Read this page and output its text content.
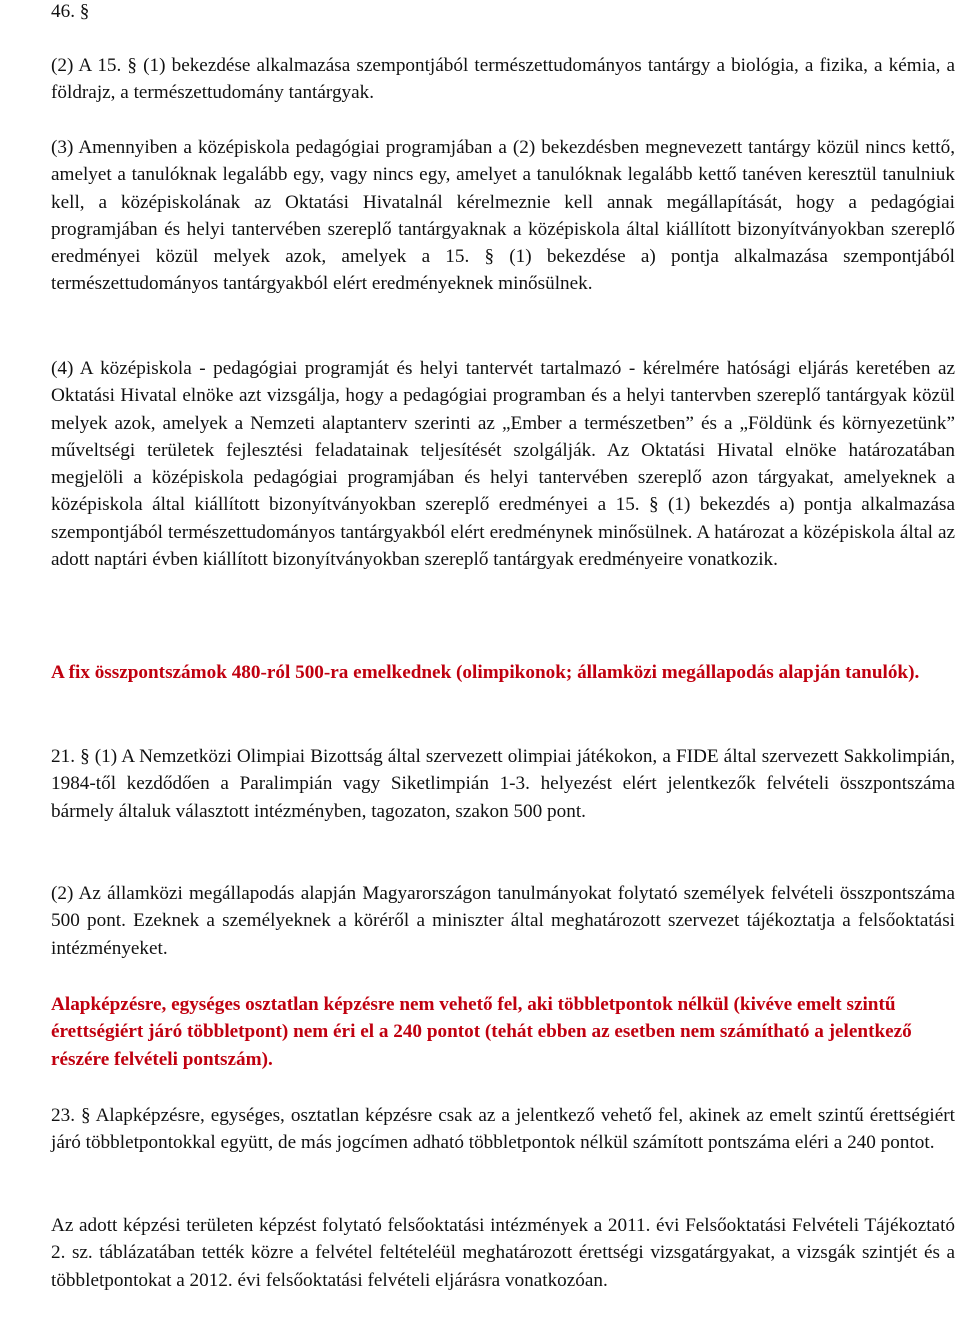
46. §

(2) A 15. § (1) bekezdése alkalmazása szempontjából természettudományos tantárgy a biológia, a fizika, a kémia, a földrajz, a természettudomány tantárgyak.

(3) Amennyiben a középiskola pedagógiai programjában a (2) bekezdésben megnevezett tantárgy közül nincs kettő, amelyet a tanulóknak legalább egy, vagy nincs egy, amelyet a tanulóknak legalább kettő tanéven keresztül tanulniuk kell, a középiskolának az Oktatási Hivatalnál kérelmeznie kell annak megállapítását, hogy a pedagógiai programjában és helyi tantervében szereplő tantárgyaknak a középiskola által kiállított bizonyítványokban szereplő eredményei közül melyek azok, amelyek a 15. § (1) bekezdése a) pontja alkalmazása szempontjából természettudományos tantárgyakból elért eredményeknek minősülnek.

(4) A középiskola - pedagógiai programját és helyi tantervét tartalmazó - kérelmére hatósági eljárás keretében az Oktatási Hivatal elnöke azt vizsgálja, hogy a pedagógiai programban és a helyi tantervben szereplő tantárgyak közül melyek azok, amelyek a Nemzeti alaptanterv szerinti az „Ember a természetben” és a „Földünk és környezetünk” műveltségi területek fejlesztési feladatainak teljesítését szolgálják. Az Oktatási Hivatal elnöke határozatában megjelöli a középiskola pedagógiai programjában és helyi tantervében szereplő azon tárgyakat, amelyeknek a középiskola által kiállított bizonyítványokban szereplő eredményei a 15. § (1) bekezdés a) pontja alkalmazása szempontjából természettudományos tantárgyakból elért eredménynek minősülnek. A határozat a középiskola által az adott naptári évben kiállított bizonyítványokban szereplő tantárgyak eredményeire vonatkozik.

A fix összpontszámok 480-ról 500-ra emelkednek (olimpikonok; államközi megállapodás alapján tanulók).

21. § (1) A Nemzetközi Olimpiai Bizottság által szervezett olimpiai játékokon, a FIDE által szervezett Sakkolimpián, 1984-től kezdődően a Paralimpián vagy Siketlimpián 1-3. helyezést elért jelentkezők felvételi összpontszáma bármely általuk választott intézményben, tagozaton, szakon 500 pont.

(2) Az államközi megállapodás alapján Magyarországon tanulmányokat folytató személyek felvételi összpontszáma 500 pont. Ezeknek a személyeknek a köréről a miniszter által meghatározott szervezet tájékoztatja a felsőoktatási intézményeket.

Alapképzésre, egységes osztatlan képzésre nem vehető fel, aki többletpontok nélkül (kivéve emelt szintű érettségiért járó többletpont) nem éri el a 240 pontot (tehát ebben az esetben nem számítható a jelentkező részére felvételi pontszám).

23. § Alapképzésre, egységes, osztatlan képzésre csak az a jelentkező vehető fel, akinek az emelt szintű érettségiért járó többletpontokkal együtt, de más jogcímen adható többletpontok nélkül számított pontszáma eléri a 240 pontot.

Az adott képzési területen képzést folytató felsőoktatási intézmények a 2011. évi Felsőoktatási Felvételi Tájékoztató 2. sz. táblázatában tették közre a felvétel feltételéül meghatározott érettségi vizsgatárgyakat, a vizsgák szintjét és a többletpontokat a 2012. évi felsőoktatási felvételi eljárásra vonatkozóan.
